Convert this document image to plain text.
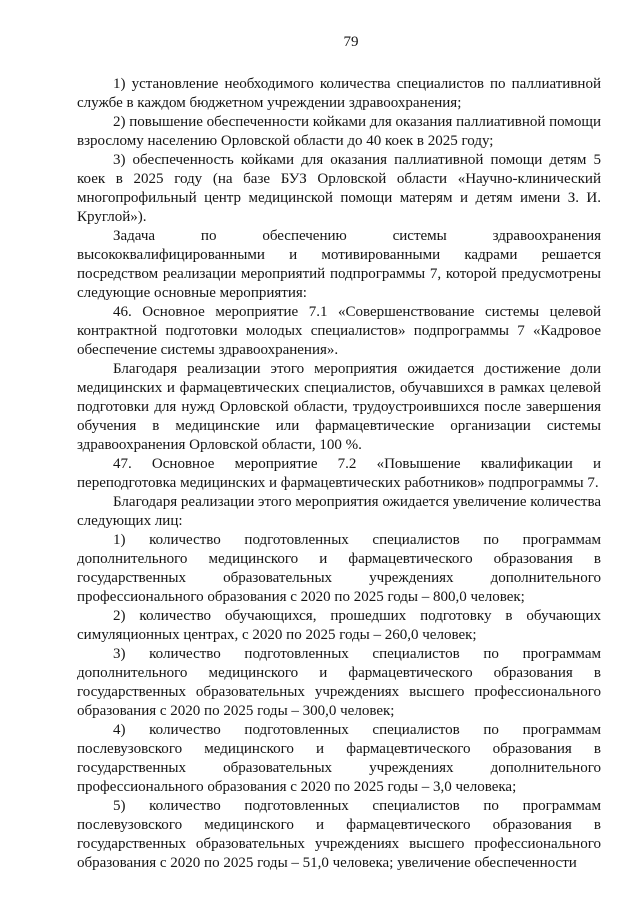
79

1) установление необходимого количества специалистов по паллиативной службе в каждом бюджетном учреждении здравоохранения;

2) повышение обеспеченности койками для оказания паллиативной помощи взрослому населению Орловской области до 40 коек в 2025 году;

3) обеспеченность койками для оказания паллиативной помощи детям 5 коек в 2025 году (на базе БУЗ Орловской области «Научно-клинический многопрофильный центр медицинской помощи матерям и детям имени З. И. Круглой»).

Задача по обеспечению системы здравоохранения высококвалифицированными и мотивированными кадрами решается посредством реализации мероприятий подпрограммы 7, которой предусмотрены следующие основные мероприятия:

46. Основное мероприятие 7.1 «Совершенствование системы целевой контрактной подготовки молодых специалистов» подпрограммы 7 «Кадровое обеспечение системы здравоохранения».

Благодаря реализации этого мероприятия ожидается достижение доли медицинских и фармацевтических специалистов, обучавшихся в рамках целевой подготовки для нужд Орловской области, трудоустроившихся после завершения обучения в медицинские или фармацевтические организации системы здравоохранения Орловской области, 100 %.

47. Основное мероприятие 7.2 «Повышение квалификации и переподготовка медицинских и фармацевтических работников» подпрограммы 7.

Благодаря реализации этого мероприятия ожидается увеличение количества следующих лиц:

1) количество подготовленных специалистов по программам дополнительного медицинского и фармацевтического образования в государственных образовательных учреждениях дополнительного профессионального образования с 2020 по 2025 годы – 800,0 человек;

2) количество обучающихся, прошедших подготовку в обучающих симуляционных центрах, с 2020 по 2025 годы – 260,0 человек;

3) количество подготовленных специалистов по программам дополнительного медицинского и фармацевтического образования в государственных образовательных учреждениях высшего профессионального образования с 2020 по 2025 годы – 300,0 человек;

4) количество подготовленных специалистов по программам послевузовского медицинского и фармацевтического образования в государственных образовательных учреждениях дополнительного профессионального образования с 2020 по 2025 годы – 3,0 человека;

5) количество подготовленных специалистов по программам послевузовского медицинского и фармацевтического образования в государственных образовательных учреждениях высшего профессионального образования с 2020 по 2025 годы – 51,0 человека; увеличение обеспеченности
